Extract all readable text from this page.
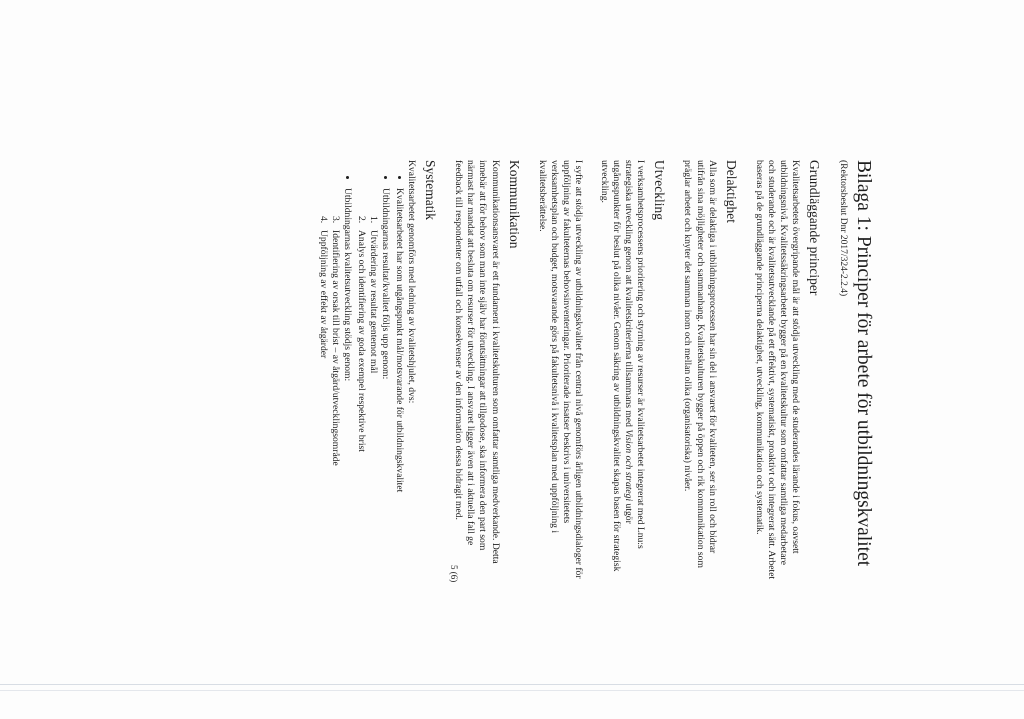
Bilaga 1: Principer för arbete för utbildningskvalitet

(Rektorsbeslut Dnr 2017/324-2.2.4)

Grundläggande principer

Kvalitetsarbetets övergripande mål är att stödja utveckling med de studerandes lärande i fokus, oavsett utbildningsnivå. Kvalitetssäkringsarbetet bygger på en kvalitetskultur som omfattar samtliga medarbetare och studerande och är kvalitetsutvecklande på ett effektivt, systematiskt, proaktivt och integrerat sätt. Arbetet baseras på de grundläggande principerna delaktighet, utveckling, kommunikation och systematik.

Delaktighet

Alla som är delaktiga i utbildningsprocessen har sin del i ansvaret för kvaliteten, ser sin roll och bidrar utifrån sina möjligheter och sammanhang. Kvalitetskulturen bygger på öppen och rik kommunikation som präglar arbetet och knyter det samman inom och mellan olika (organisatoriska) nivåer.

Utveckling

I verksamhetsprocessens prioritering och styrning av resurser är kvalitetsarbetet integrerat med Lnu:s strategiska utveckling genom att kvalitetskriterierna tillsammans med Vision och strategi utgör utgångspunkter för beslut på olika nivåer. Genom säkring av utbildningskvalitet skapas basen för strategisk utveckling.

I syfte att stödja utveckling av utbildningskvalitet från central nivå genomförs årligen utbildningsdialoger för uppföljning av fakulteternas behovsinventeringar. Prioriterade insatser beskrivs i universitetets verksamhetsplan och budget, motsvarande görs på fakultetsnivå i kvalitetsplan med uppföljning i kvalitetsberättelse.

Kommunikation

Kommunikationsansvaret är ett fundament i kvalitetskulturen som omfattar samtliga medverkande. Detta innebär att för behov som man inte själv har förutsättningar att tillgodose, ska informera den part som närmast har mandat att besluta om resurser för utveckling. I ansvaret ligger även att i aktuella fall ge feedback till respondenter om utfall och konsekvenser av den information dessa bidragit med.

Systematik

Kvalitetsarbetet genomförs med ledning av kvalitetshjulet, dvs:

• Kvalitetsarbetet har som utgångspunkt mål/motsvarande för utbildningskvalitet
• Utbildningarnas resultat/kvalitet följs upp genom:
1.Utvärdering av resultat gentemot mål
2.Analys och identifiering av goda exempel respektive brist
• Utbildningarnas kvalitetsutveckling stödjs genom:
3.Identifiering av orsak till brist – av åtgärd/utvecklingsområde
4.Uppföljning av effekt av åtgärder
5 (6)
